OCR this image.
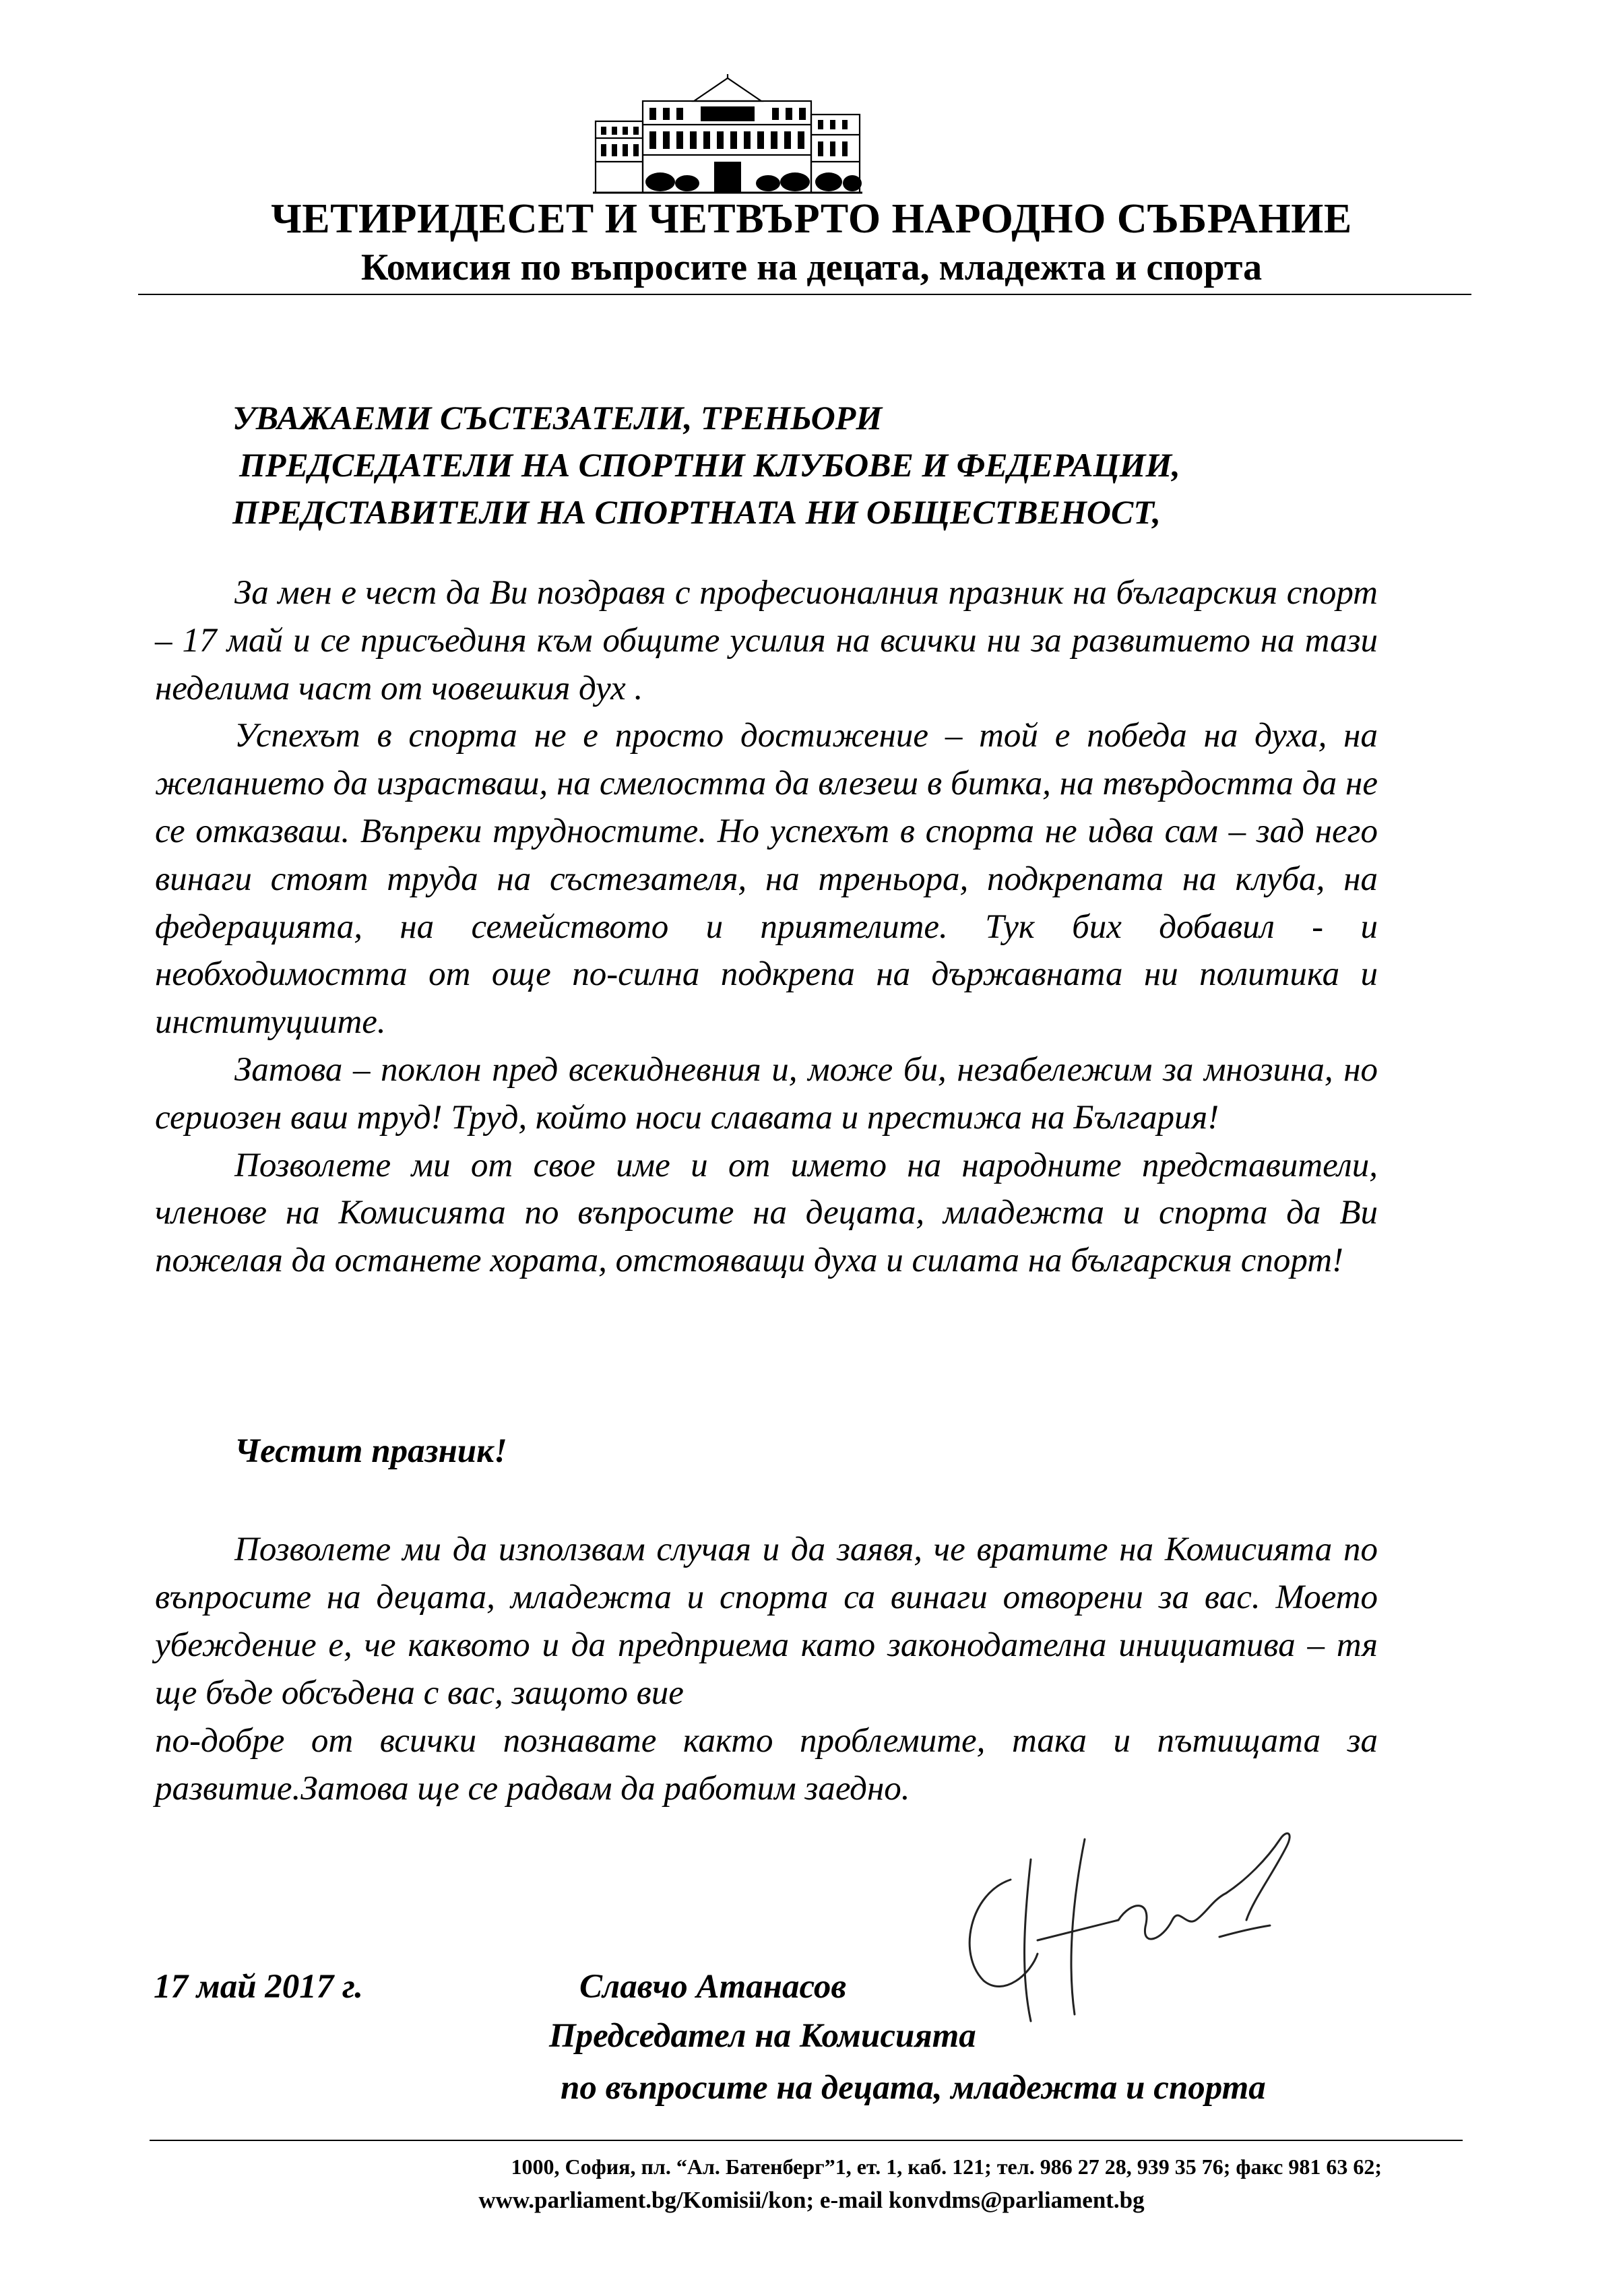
ЧЕТИРИДЕСЕТ И ЧЕТВЪРТО НАРОДНО СЪБРАНИЕ
Комисия по въпросите на децата, младежта и спорта
УВАЖАЕМИ СЪСТЕЗАТЕЛИ, ТРЕНЬОРИ
ПРЕДСЕДАТЕЛИ НА СПОРТНИ КЛУБОВЕ И ФЕДЕРАЦИИ,
ПРЕДСТАВИТЕЛИ НА СПОРТНАТА НИ ОБЩЕСТВЕНОСТ,

За мен е чест да Ви поздравя с професионалния празник на българския спорт – 17 май и се присъединя към общите усилия на всички ни за развитието на тази неделима част от човешкия дух .

Успехът в спорта не е просто достижение – той е победа на духа, на желанието да израстваш, на смелостта да влезеш в битка, на твърдостта да не се отказваш. Въпреки трудностите. Но успехът в спорта не идва сам – зад него винаги стоят труда на състезателя, на треньора, подкрепата на клуба, на федерацията, на семейството и приятелите. Тук бих добавил - и необходимостта от още по-силна подкрепа на държавната ни политика и институциите.

Затова – поклон пред всекидневния и, може би, незабележим за мнозина, но сериозен ваш труд! Труд, който носи славата и престижа на България!

Позволете ми от свое име и от името на народните представители, членове на Комисията по въпросите на децата, младежта и спорта да Ви пожелая да останете хората, отстояващи духа и силата на българския спорт!

Честит празник!

Позволете ми да използвам случая и да заявя, че вратите на Комисията по въпросите на децата, младежта и спорта са винаги отворени за вас. Моето убеждение е, че каквото и да предприема като законодателна инициатива – тя ще бъде обсъдена с вас, защото вие

по-добре от всички познавате както проблемите, така и пътищата за развитие.Затова ще се радвам да работим заедно.

17 май 2017 г.	Славчо Атанасов
Председател на Комисията
по въпросите на децата, младежта и спорта
1000, София, пл. “Ал. Батенберг”1, ет. 1, каб. 121; тел. 986 27 28, 939 35 76; факс 981 63 62;
www.parliament.bg/Komisii/kon; e-mail konvdms@parliament.bg
